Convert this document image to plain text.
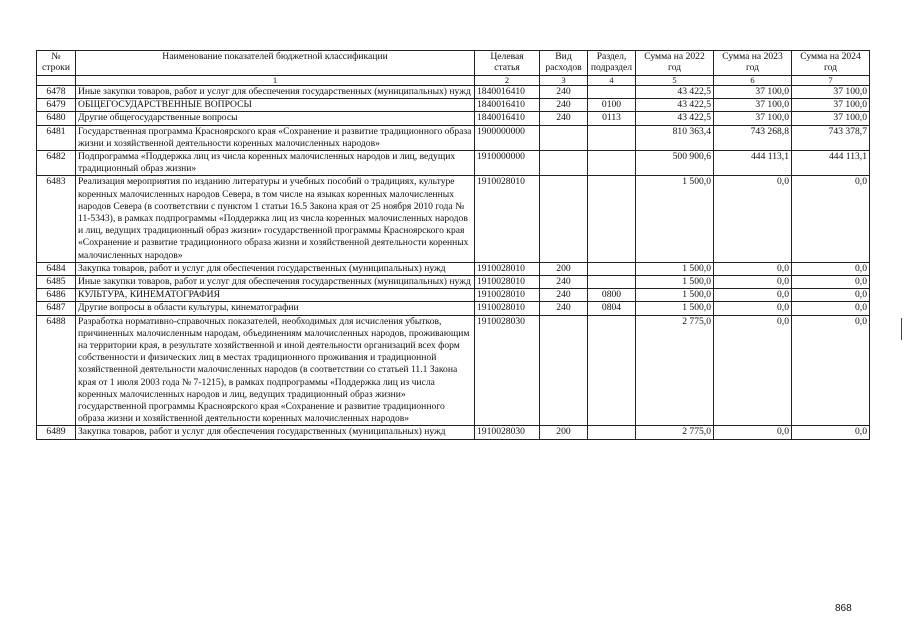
№ строки	Наименование показателей бюджетной классификации	Целевая статья	Вид расходов	Раздел, подраздел	Сумма на 2022 год	Сумма на 2023 год	Сумма на 2024 год
	1	2	3	4	5	6	7
6478	Иные закупки товаров, работ и услуг для обеспечения государственных (муниципальных) нужд	1840016410	240		43 422,5	37 100,0	37 100,0
6479	ОБЩЕГОСУДАРСТВЕННЫЕ ВОПРОСЫ	1840016410	240	0100	43 422,5	37 100,0	37 100,0
6480	Другие общегосударственные вопросы	1840016410	240	0113	43 422,5	37 100,0	37 100,0
6481	Государственная программа Красноярского края «Сохранение и развитие традиционного образа жизни и хозяйственной деятельности коренных малочисленных народов»	1900000000			810 363,4	743 268,8	743 378,7
6482	Подпрограмма «Поддержка лиц из числа коренных малочисленных народов и лиц, ведущих традиционный образ жизни»	1910000000			500 900,6	444 113,1	444 113,1
6483	Реализация мероприятия по изданию литературы и учебных пособий о традициях, культуре коренных малочисленных народов Севера, в том числе на языках коренных малочисленных народов Севера (в соответствии с пунктом 1 статьи 16.5 Закона края от 25 ноября 2010 года № 11-5343), в рамках подпрограммы «Поддержка лиц из числа коренных малочисленных народов и лиц, ведущих традиционный образ жизни» государственной программы Красноярского края «Сохранение и развитие традиционного образа жизни и хозяйственной деятельности коренных малочисленных народов»	1910028010			1 500,0	0,0	0,0
6484	Закупка товаров, работ и услуг для обеспечения государственных (муниципальных) нужд	1910028010	200		1 500,0	0,0	0,0
6485	Иные закупки товаров, работ и услуг для обеспечения государственных (муниципальных) нужд	1910028010	240		1 500,0	0,0	0,0
6486	КУЛЬТУРА, КИНЕМАТОГРАФИЯ	1910028010	240	0800	1 500,0	0,0	0,0
6487	Другие вопросы в области культуры, кинематографии	1910028010	240	0804	1 500,0	0,0	0,0
6488	Разработка нормативно-справочных показателей, необходимых для исчисления убытков, причиненных малочисленным народам, объединениям малочисленных народов, проживающим на территории края, в результате хозяйственной и иной деятельности организаций всех форм собственности и физических лиц в местах традиционного проживания и традиционной хозяйственной деятельности малочисленных народов (в соответствии со статьей 11.1 Закона края от 1 июля 2003 года № 7-1215), в рамках подпрограммы «Поддержка лиц из числа коренных малочисленных народов и лиц, ведущих традиционный образ жизни» государственной программы Красноярского края «Сохранение и развитие традиционного образа жизни и хозяйственной деятельности коренных малочисленных народов»	1910028030			2 775,0	0,0	0,0
6489	Закупка товаров, работ и услуг для обеспечения государственных (муниципальных) нужд	1910028030	200		2 775,0	0,0	0,0
868
